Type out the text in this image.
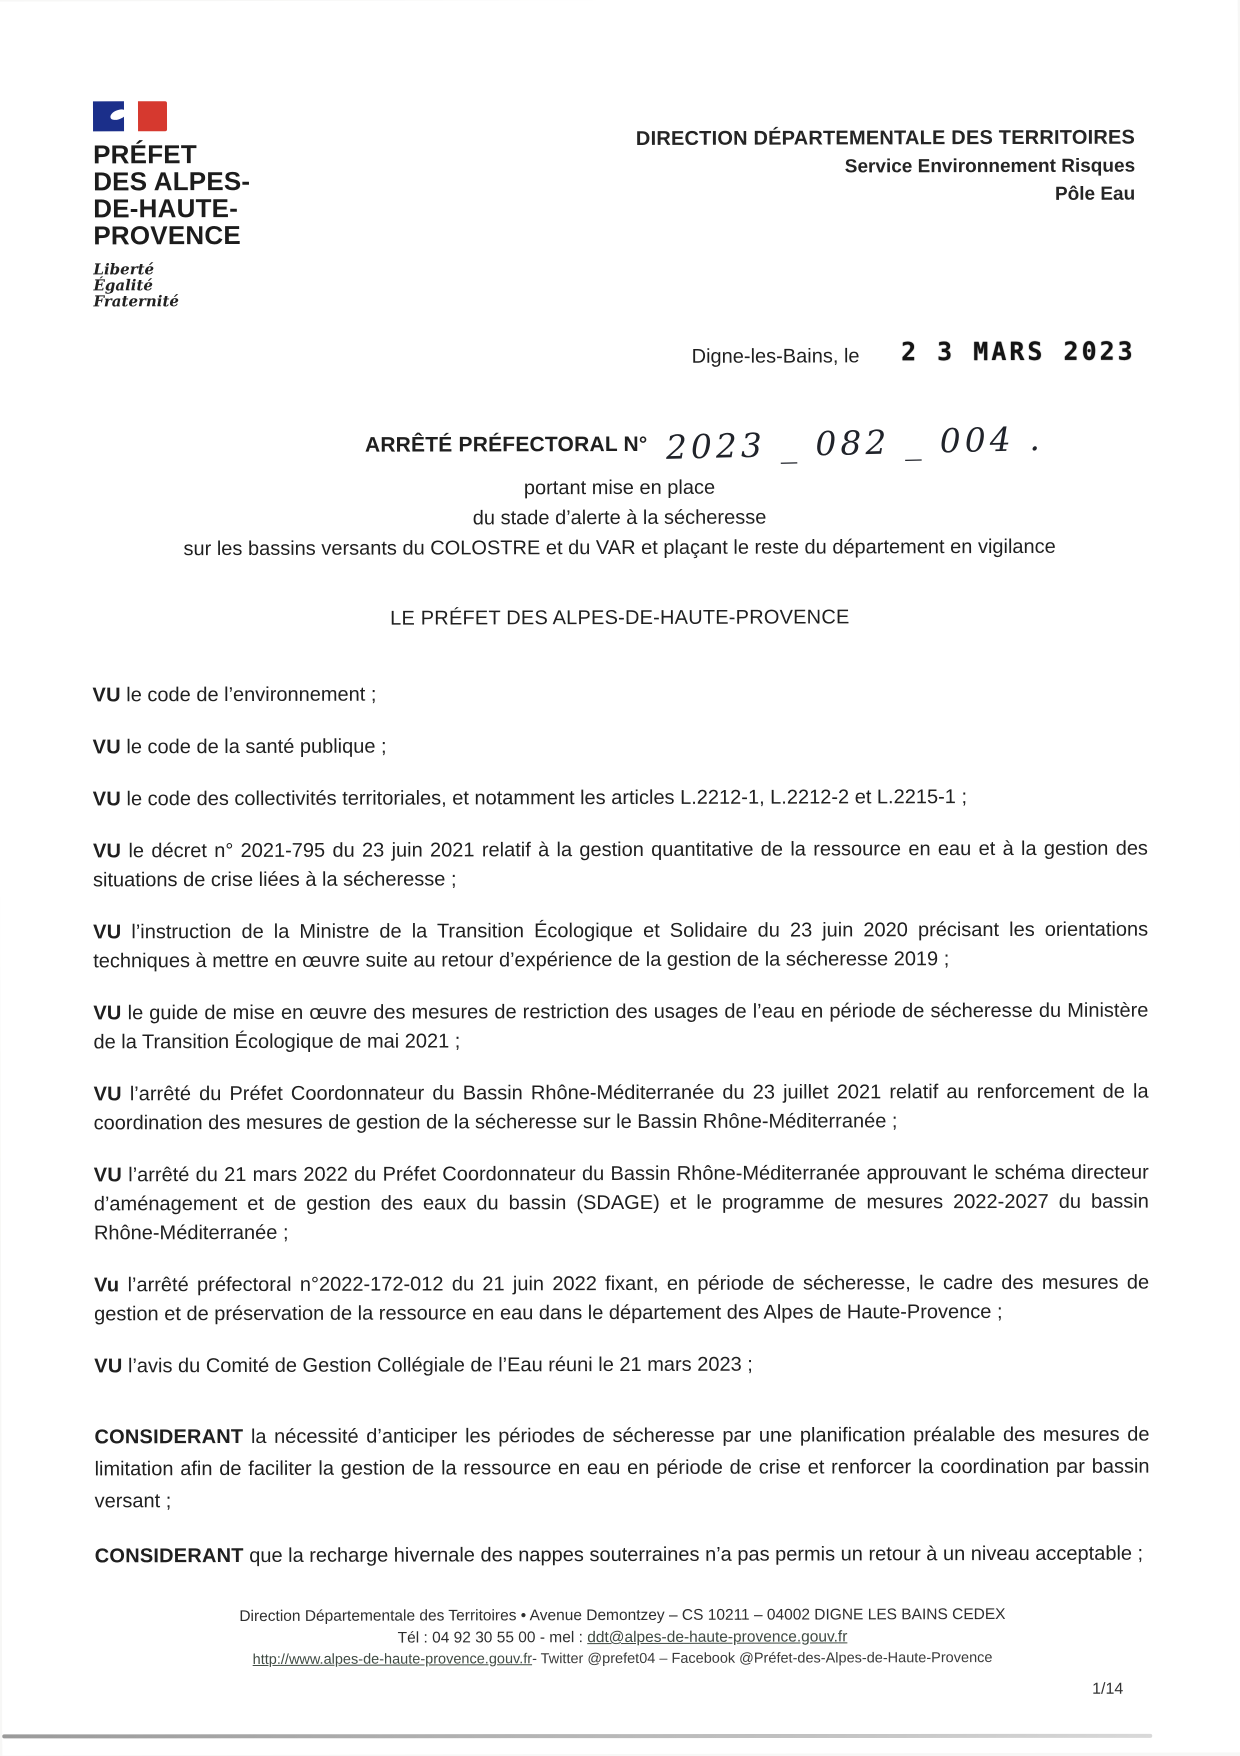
PRÉFET
DES ALPES-
DE-HAUTE-
PROVENCE
Liberté
Égalité
Fraternité
DIRECTION DÉPARTEMENTALE DES TERRITOIRES
Service Environnement Risques
Pôle Eau
Digne-les-Bains, le 2 3 MARS 2023
ARRÊTÉ PRÉFECTORAL N° 2023 _ 082 _ 004 .
portant mise en place
du stade d’alerte à la sécheresse
sur les bassins versants du COLOSTRE et du VAR et plaçant le reste du département en vigilance
LE PRÉFET DES ALPES-DE-HAUTE-PROVENCE

VU le code de l’environnement ;

VU le code de la santé publique ;

VU le code des collectivités territoriales, et notamment les articles L.2212-1, L.2212-2 et L.2215-1 ;

VU le décret n° 2021-795 du 23 juin 2021 relatif à la gestion quantitative de la ressource en eau et à la gestion des situations de crise liées à la sécheresse ;

VU l’instruction de la Ministre de la Transition Écologique et Solidaire du 23 juin 2020 précisant les orientations techniques à mettre en œuvre suite au retour d’expérience de la gestion de la sécheresse 2019 ;

VU le guide de mise en œuvre des mesures de restriction des usages de l’eau en période de sécheresse du Ministère de la Transition Écologique de mai 2021 ;

VU l’arrêté du Préfet Coordonnateur du Bassin Rhône-Méditerranée du 23 juillet 2021 relatif au renforcement de la coordination des mesures de gestion de la sécheresse sur le Bassin Rhône-Méditerranée ;

VU l’arrêté du 21 mars 2022 du Préfet Coordonnateur du Bassin Rhône-Méditerranée approuvant le schéma directeur d’aménagement et de gestion des eaux du bassin (SDAGE) et le programme de mesures 2022-2027 du bassin Rhône-Méditerranée ;

Vu l’arrêté préfectoral n°2022-172-012 du 21 juin 2022 fixant, en période de sécheresse, le cadre des mesures de gestion et de préservation de la ressource en eau dans le département des Alpes de Haute-Provence ;

VU l’avis du Comité de Gestion Collégiale de l’Eau réuni le 21 mars 2023 ;

CONSIDERANT la nécessité d’anticiper les périodes de sécheresse par une planification préalable des mesures de limitation afin de faciliter la gestion de la ressource en eau en période de crise et renforcer la coordination par bassin versant ;

CONSIDERANT que la recharge hivernale des nappes souterraines n’a pas permis un retour à un niveau acceptable ;

Direction Départementale des Territoires • Avenue Demontzey – CS 10211 – 04002 DIGNE LES BAINS CEDEX
Tél : 04 92 30 55 00 - mel : ddt@alpes-de-haute-provence.gouv.fr
http://www.alpes-de-haute-provence.gouv.fr- Twitter @prefet04 – Facebook @Préfet-des-Alpes-de-Haute-Provence
1/14
